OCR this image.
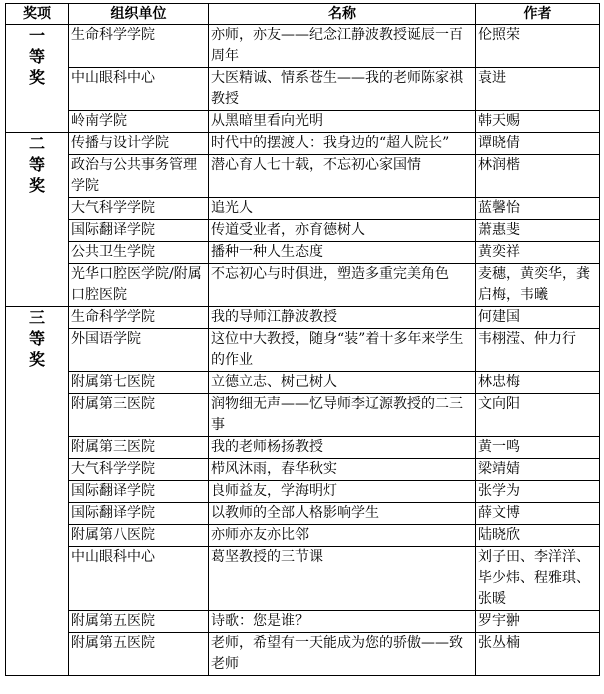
奖项	组织单位	名称	作者

一
等
奖	生命科学学院	亦师，亦友——纪念江静波教授诞辰一百周年	伦照荣
	中山眼科中心	大医精诚、情系苍生——我的老师陈家祺教授	袁进
	岭南学院	从黑暗里看向光明	韩天赐

二
等
奖	传播与设计学院	时代中的摆渡人：我身边的“超人院长”	谭晓倩
	政治与公共事务管理学院	潜心育人七十载，不忘初心家国情	林润楷
	大气科学学院	追光人	蓝馨怡
	国际翻译学院	传道受业者，亦育德树人	萧惠斐
	公共卫生学院	播种一种人生态度	黄奕祥
	光华口腔医学院/附属口腔医院	不忘初心与时俱进，塑造多重完美角色	麦穗，黄奕华，龚启梅，韦曦

三
等
奖	生命科学学院	我的导师江静波教授	何建国
	外国语学院	这位中大教授，随身“装”着十多年来学生的作业	韦栩滢、仲力行
	附属第七医院	立德立志、树己树人	林忠梅
	附属第三医院	润物细无声——忆导师李辽源教授的二三事	文向阳
	附属第三医院	我的老师杨扬教授	黄一鸣
	大气科学学院	栉风沐雨，春华秋实	梁靖婧
	国际翻译学院	良师益友，学海明灯	张学为
	国际翻译学院	以教师的全部人格影响学生	薛文博
	附属第八医院	亦师亦友亦比邻	陆晓欣
	中山眼科中心	葛坚教授的三节课	刘子田、李洋洋、毕少炜、程雅琪、张暖
	附属第五医院	诗歌：您是谁？	罗宇翀
	附属第五医院	老师，希望有一天能成为您的骄傲——致老师	张丛楠
